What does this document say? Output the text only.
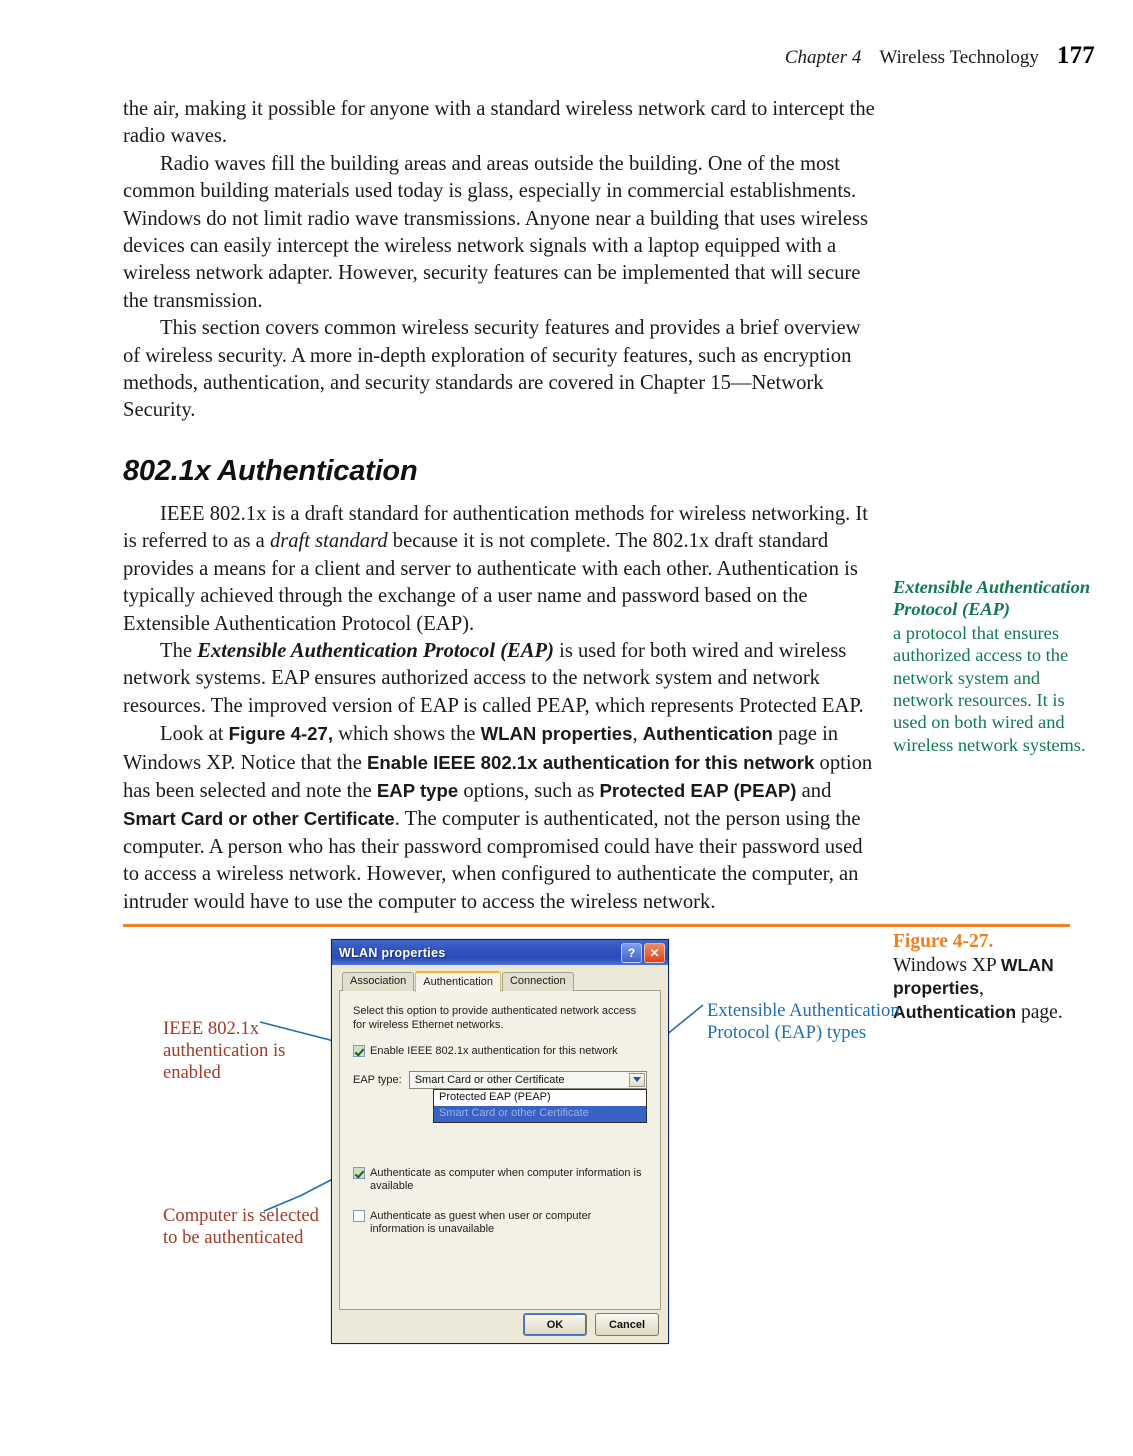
Chapter 4 Wireless Technology 177

the air, making it possible for anyone with a standard wireless network card to intercept the radio waves.

Radio waves fill the building areas and areas outside the building. One of the most common building materials used today is glass, especially in commercial establishments. Windows do not limit radio wave transmissions. Anyone near a building that uses wireless devices can easily intercept the wireless network signals with a laptop equipped with a wireless network adapter. However, security features can be implemented that will secure the transmission.

This section covers common wireless security features and provides a brief overview of wireless security. A more in-depth exploration of security features, such as encryption methods, authentication, and security standards are covered in Chapter 15—Network Security.

802.1x Authentication

IEEE 802.1x is a draft standard for authentication methods for wireless networking. It is referred to as a draft standard because it is not complete. The 802.1x draft standard provides a means for a client and server to authenticate with each other. Authentication is typically achieved through the exchange of a user name and password based on the Extensible Authentication Protocol (EAP).

The Extensible Authentication Protocol (EAP) is used for both wired and wireless network systems. EAP ensures authorized access to the network system and network resources. The improved version of EAP is called PEAP, which represents Protected EAP.

Look at Figure 4-27, which shows the WLAN properties, Authentication page in Windows XP. Notice that the Enable IEEE 802.1x authentication for this network option has been selected and note the EAP type options, such as Protected EAP (PEAP) and Smart Card or other Certificate. The computer is authenticated, not the person using the computer. A person who has their password compromised could have their password used to access a wireless network. However, when configured to authenticate the computer, an intruder would have to use the computer to access the wireless network.

Extensible Authentication Protocol (EAP)
a protocol that ensures authorized access to the network system and network resources. It is used on both wired and wireless network systems.
Figure 4-27.
Windows XP WLAN properties, Authentication page.
IEEE 802.1x authentication is enabled
Computer is selected to be authenticated
Extensible Authentication Protocol (EAP) types
WLAN properties	?	✕
Association	Authentication	Connection
Select this option to provide authenticated network access for wireless Ethernet networks.
Enable IEEE 802.1x authentication for this network
EAP type: Smart Card or other Certificate
Protected EAP (PEAP)
Smart Card or other Certificate
Authenticate as computer when computer information is available
Authenticate as guest when user or computer information is unavailable
OK	Cancel
